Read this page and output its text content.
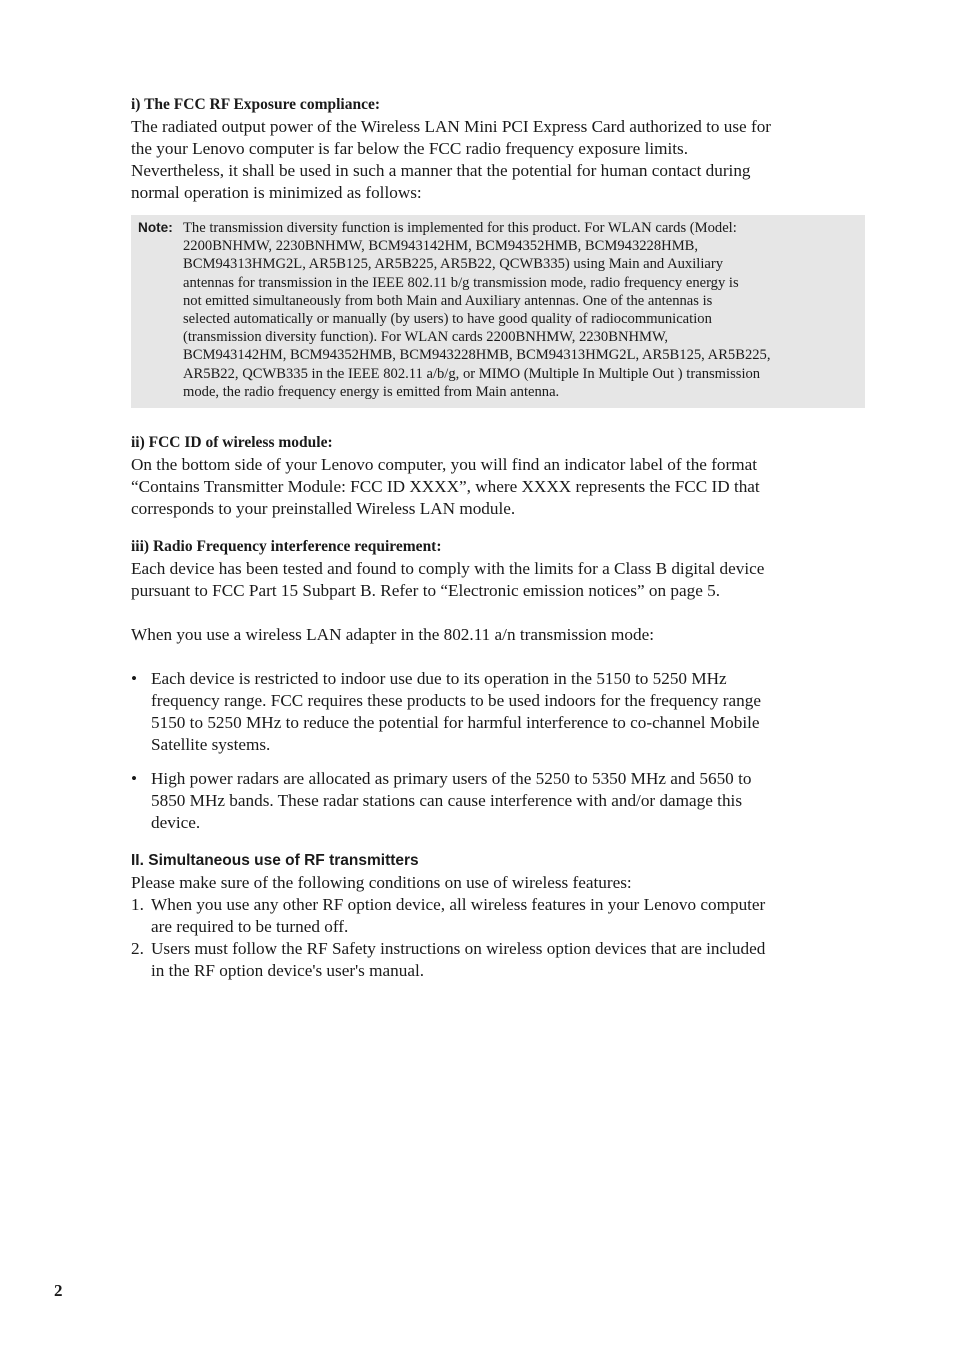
i) The FCC RF Exposure compliance:

The radiated output power of the Wireless LAN Mini PCI Express Card authorized to use for

the your Lenovo computer is far below the FCC radio frequency exposure limits.

Nevertheless, it shall be used in such a manner that the potential for human contact during

normal operation is minimized as follows:

Note: The transmission diversity function is implemented for this product. For WLAN cards (Model:

2200BNHMW, 2230BNHMW, BCM943142HM, BCM94352HMB, BCM943228HMB,

BCM94313HMG2L, AR5B125, AR5B225, AR5B22, QCWB335) using Main and Auxiliary

antennas for transmission in the IEEE 802.11 b/g transmission mode, radio frequency energy is

not emitted simultaneously from both Main and Auxiliary antennas. One of the antennas is

selected automatically or manually (by users) to have good quality of radiocommunication

(transmission diversity function). For WLAN cards 2200BNHMW, 2230BNHMW,

BCM943142HM, BCM94352HMB, BCM943228HMB, BCM94313HMG2L, AR5B125, AR5B225,

AR5B22, QCWB335 in the IEEE 802.11 a/b/g, or MIMO (Multiple In Multiple Out ) transmission

mode, the radio frequency energy is emitted from Main antenna.

ii) FCC ID of wireless module:

On the bottom side of your Lenovo computer, you will find an indicator label of the format

“Contains Transmitter Module: FCC ID XXXX”, where XXXX represents the FCC ID that

corresponds to your preinstalled Wireless LAN module.

iii) Radio Frequency interference requirement:

Each device has been tested and found to comply with the limits for a Class B digital device

pursuant to FCC Part 15 Subpart B. Refer to “Electronic emission notices” on page 5.

When you use a wireless LAN adapter in the 802.11 a/n transmission mode:

• Each device is restricted to indoor use due to its operation in the 5150 to 5250 MHz

frequency range. FCC requires these products to be used indoors for the frequency range

5150 to 5250 MHz to reduce the potential for harmful interference to co-channel Mobile

Satellite systems.

• High power radars are allocated as primary users of the 5250 to 5350 MHz and 5650 to

5850 MHz bands. These radar stations can cause interference with and/or damage this

device.

II. Simultaneous use of RF transmitters

Please make sure of the following conditions on use of wireless features:

1. When you use any other RF option device, all wireless features in your Lenovo computer

are required to be turned off.

2. Users must follow the RF Safety instructions on wireless option devices that are included

in the RF option device's user's manual.

2
